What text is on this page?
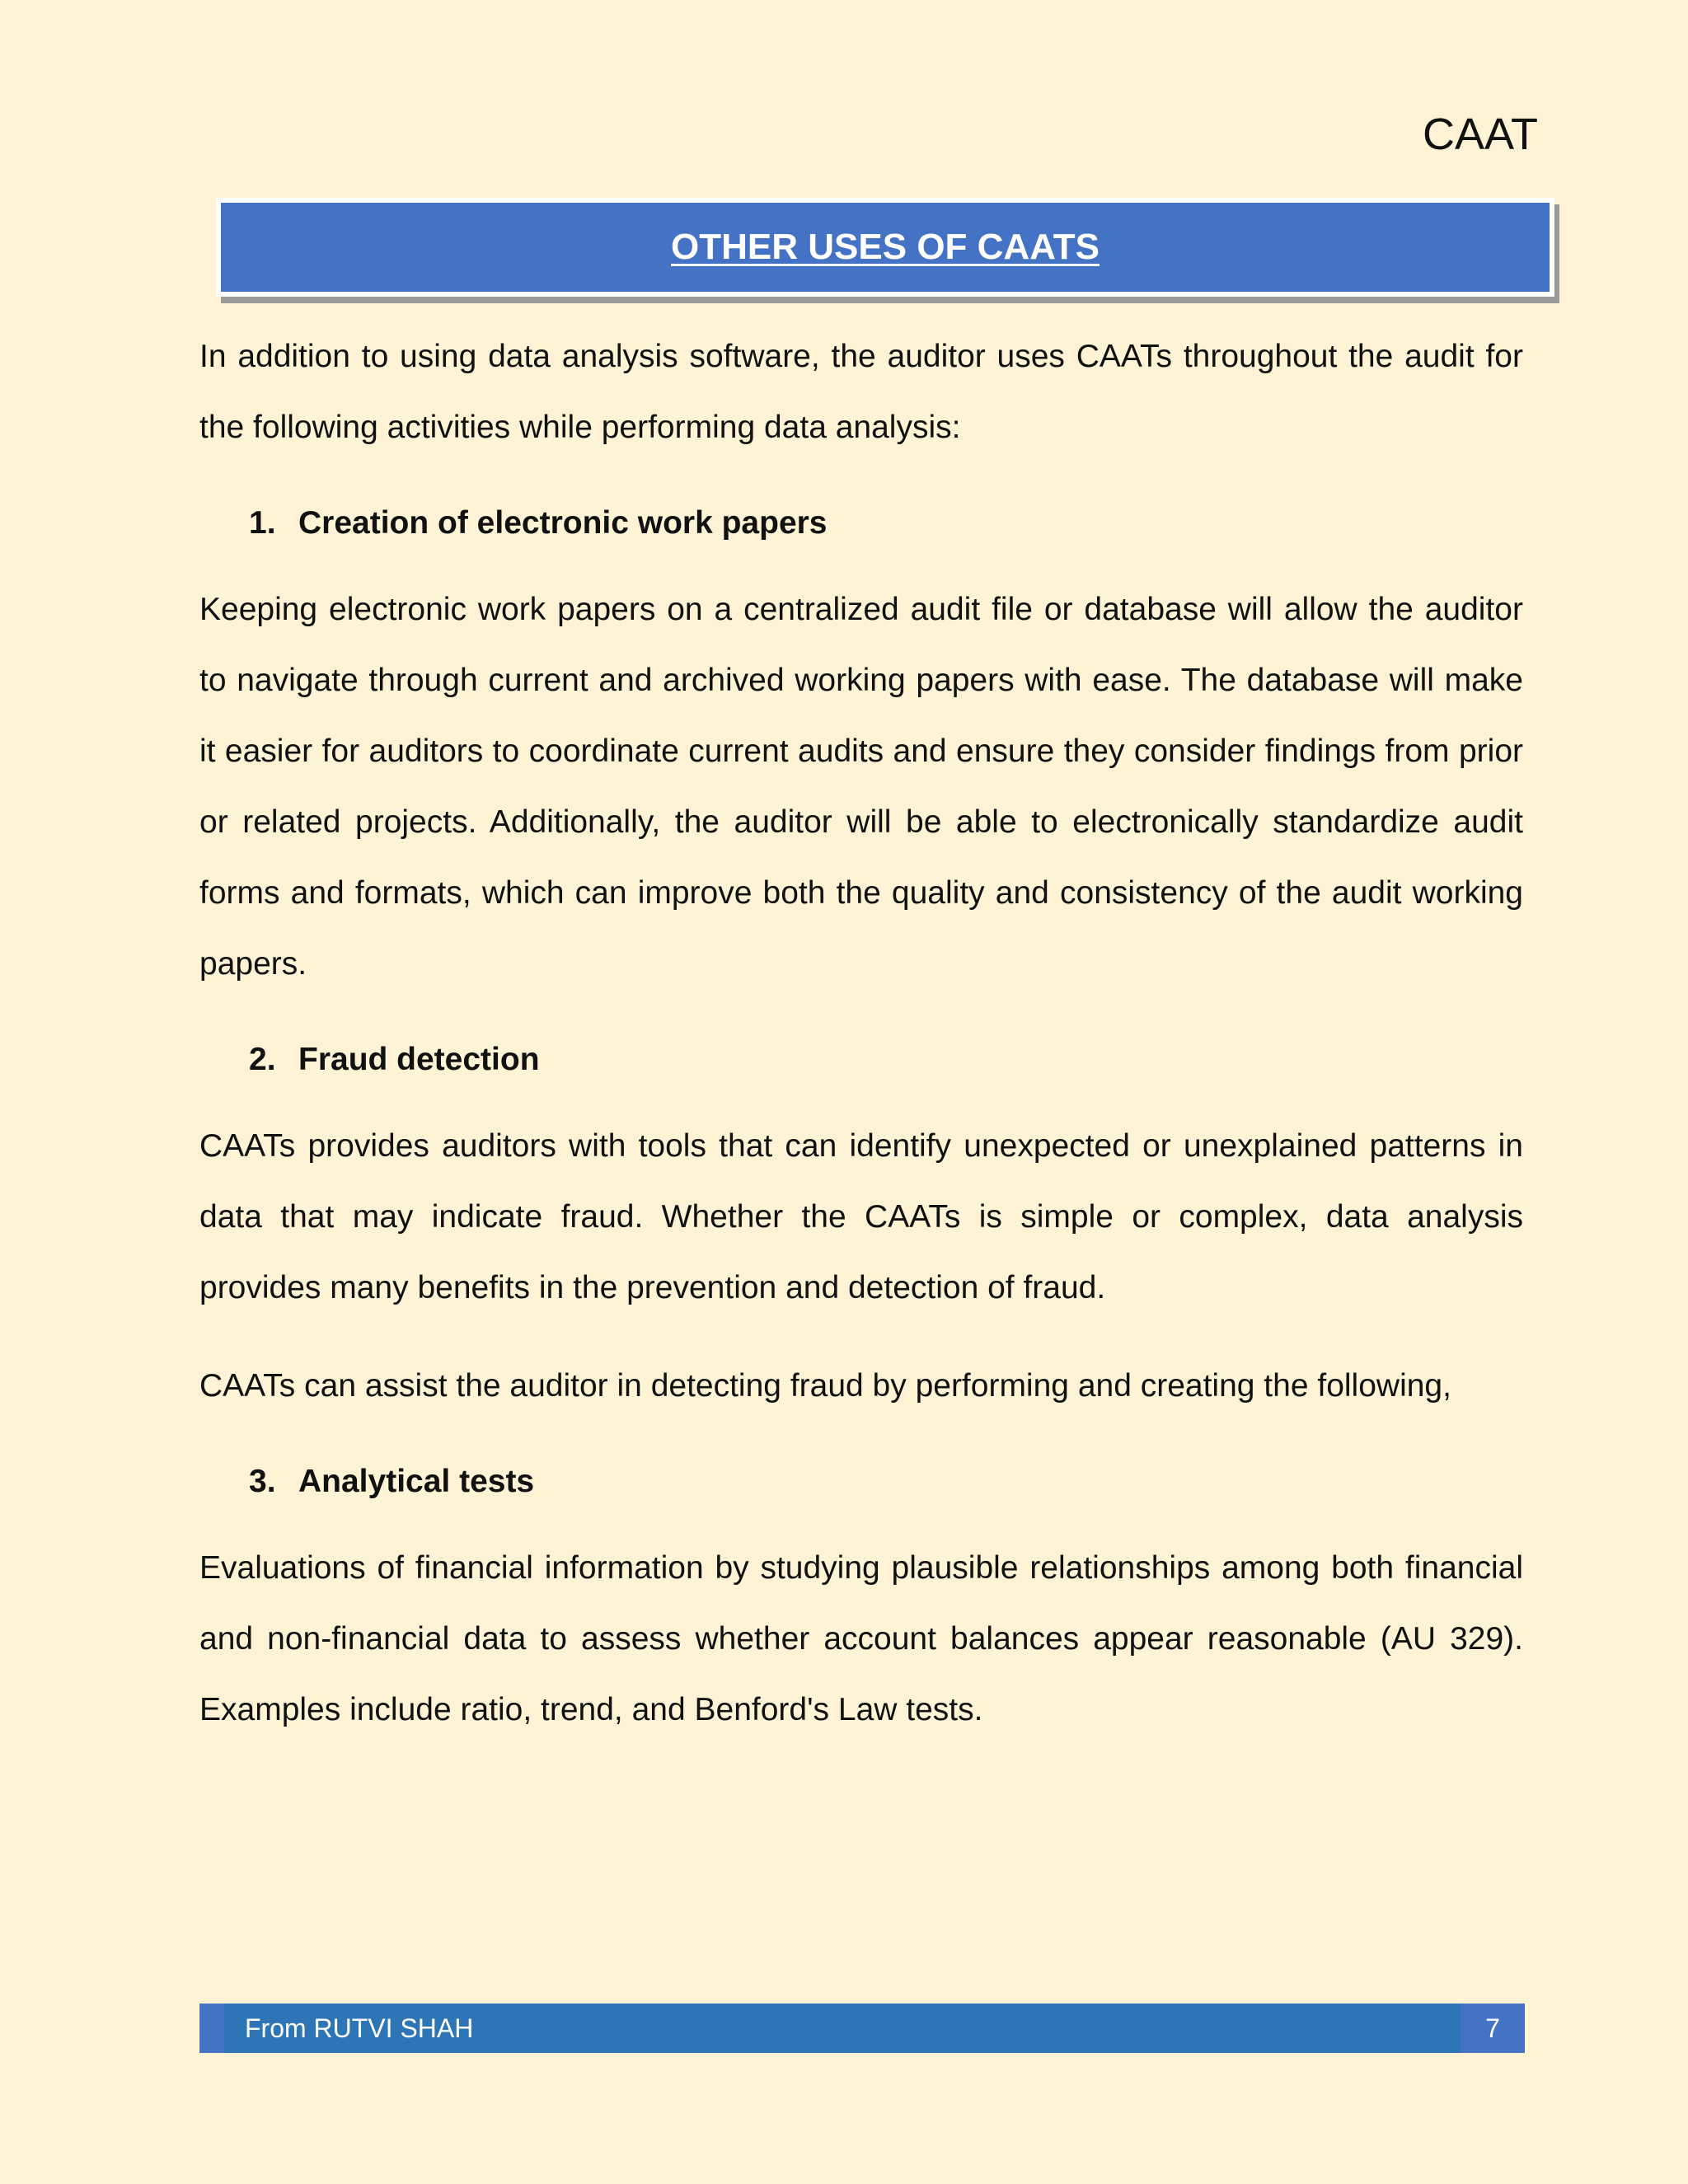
CAAT
OTHER USES OF CAATS

In addition to using data analysis software, the auditor uses CAATs throughout the audit for the following activities while performing data analysis:

1. Creation of electronic work papers

Keeping electronic work papers on a centralized audit file or database will allow the auditor to navigate through current and archived working papers with ease. The database will make it easier for auditors to coordinate current audits and ensure they consider findings from prior or related projects. Additionally, the auditor will be able to electronically standardize audit forms and formats, which can improve both the quality and consistency of the audit working papers.

2. Fraud detection

CAATs provides auditors with tools that can identify unexpected or unexplained patterns in data that may indicate fraud. Whether the CAATs is simple or complex, data analysis provides many benefits in the prevention and detection of fraud.

CAATs can assist the auditor in detecting fraud by performing and creating the following,

3. Analytical tests

Evaluations of financial information by studying plausible relationships among both financial and non-financial data to assess whether account balances appear reasonable (AU 329). Examples include ratio, trend, and Benford's Law tests.

From RUTVI SHAH	7
